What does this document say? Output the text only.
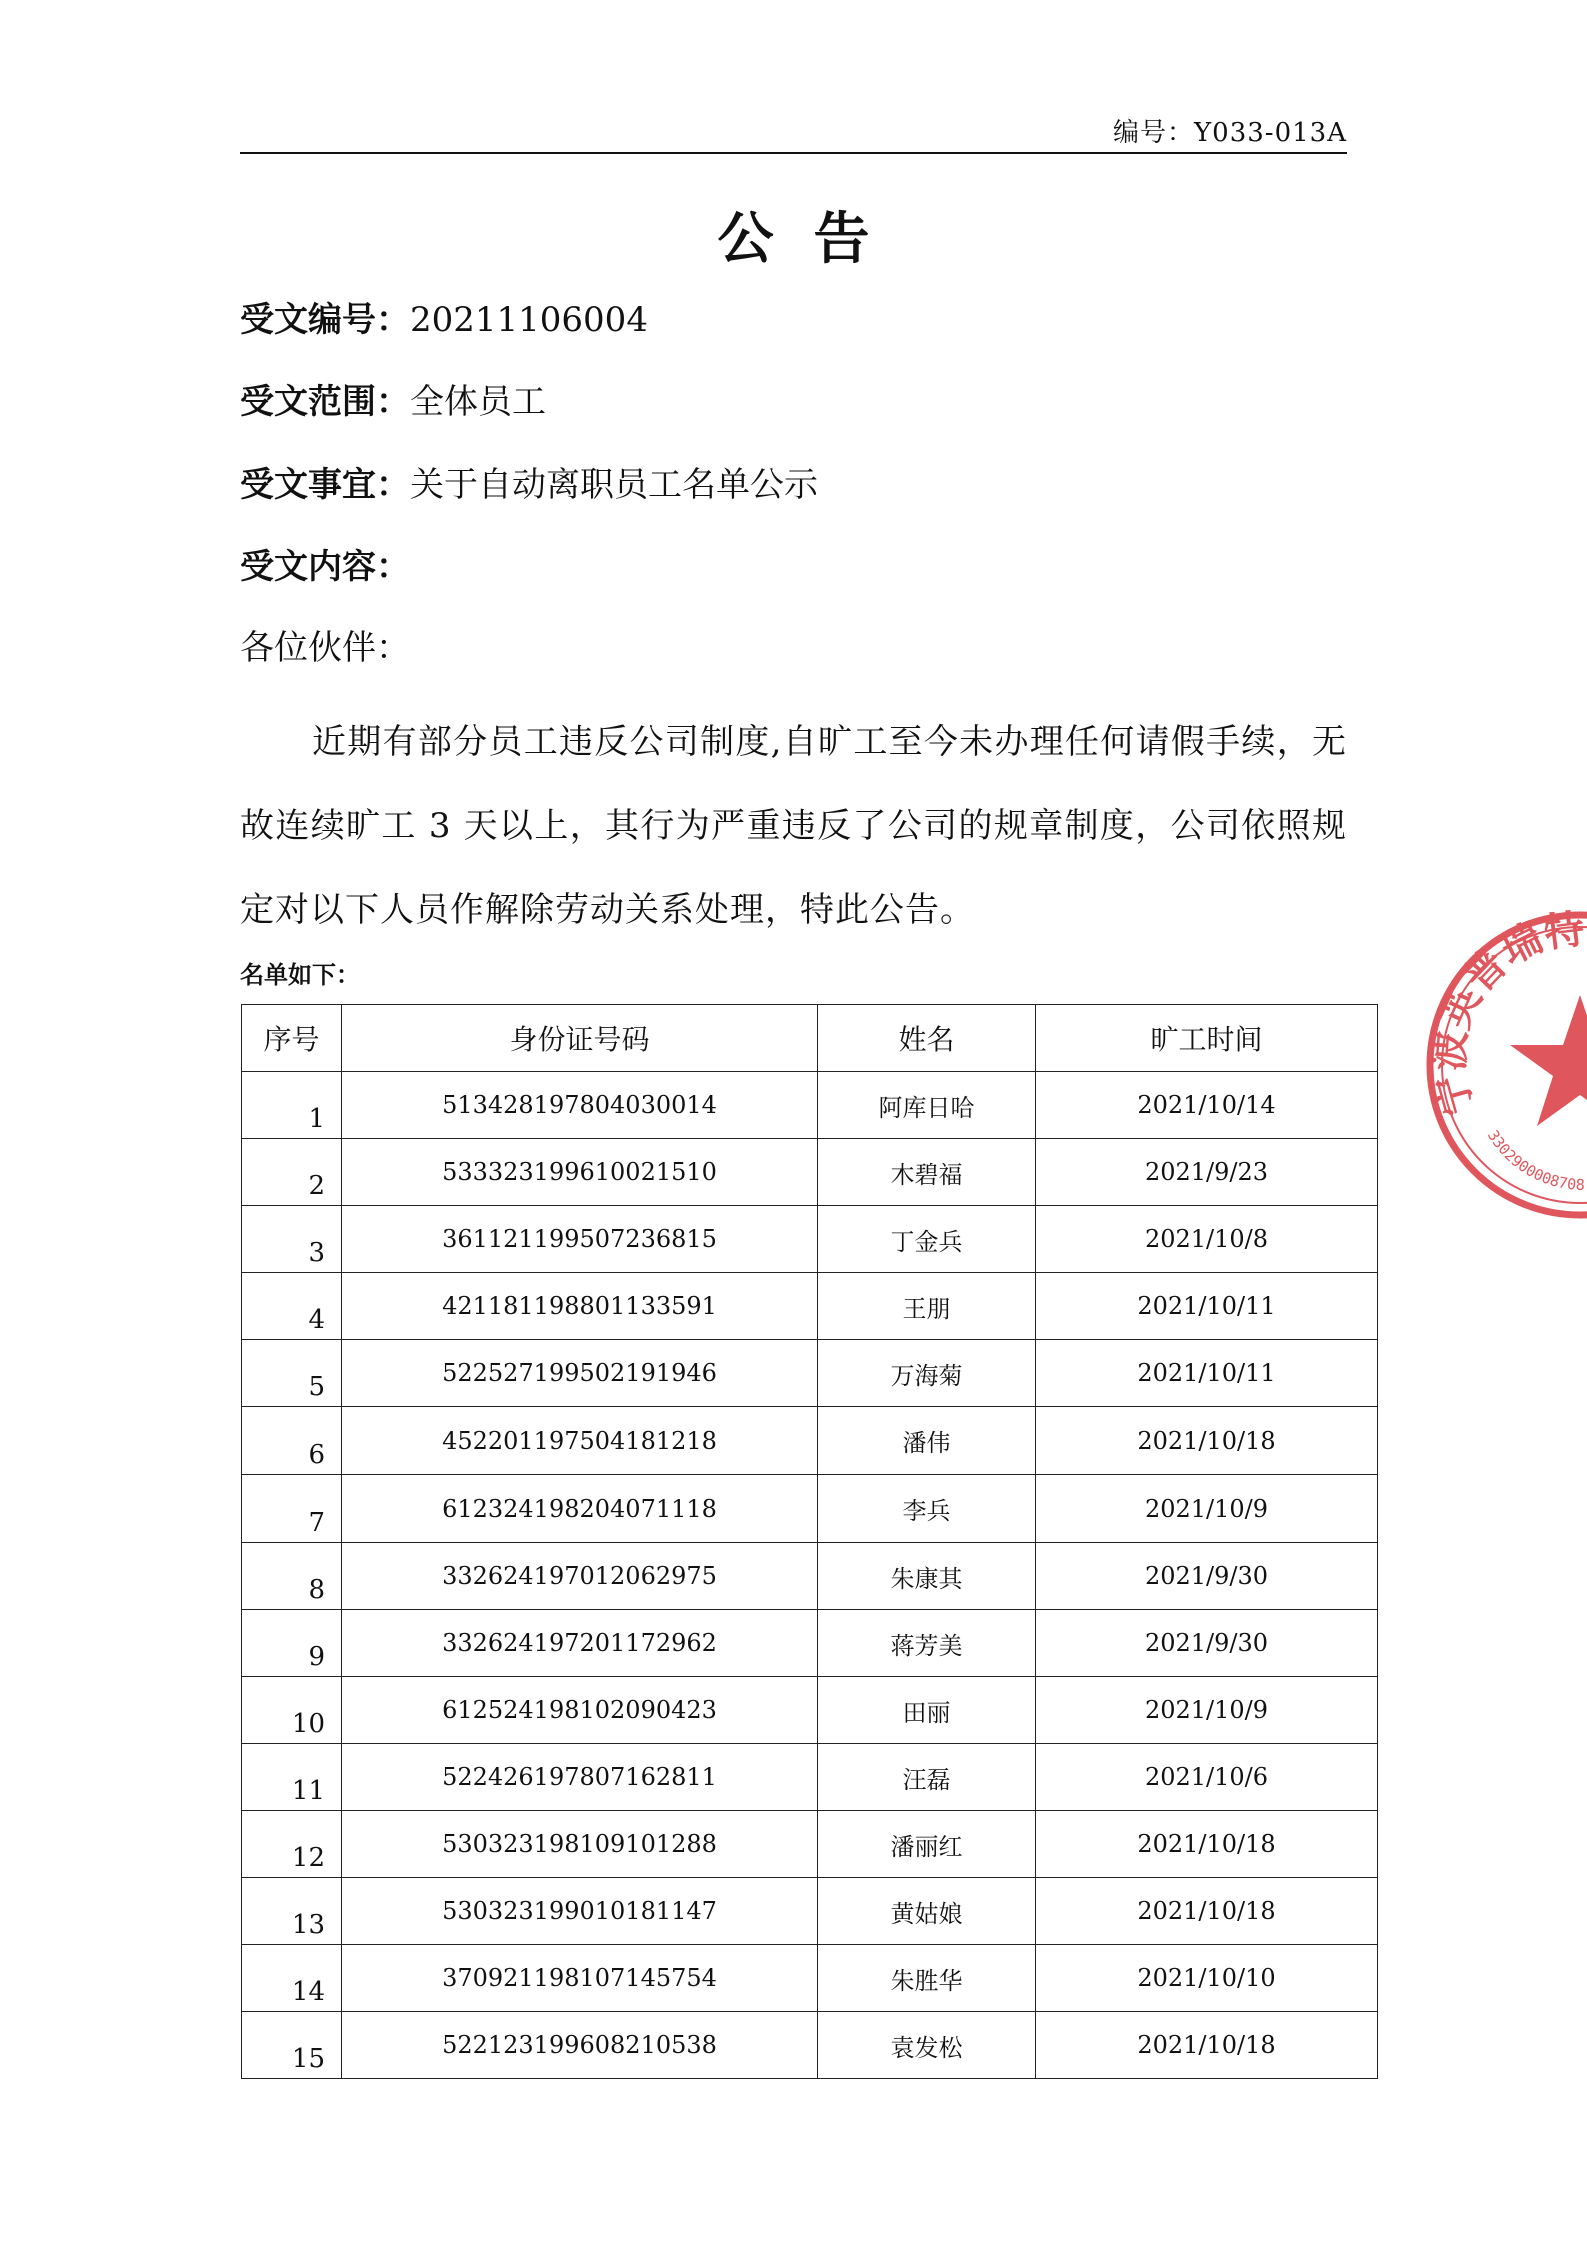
编号：Y033-013A
公告
受文编号：20211106004
受文范围：全体员工
受文事宜：关于自动离职员工名单公示
受文内容：
各位伙伴：
近期有部分员工违反公司制度,自旷工至今未办理任何请假手续，无故连续旷工 3 天以上，其行为严重违反了公司的规章制度，公司依照规定对以下人员作解除劳动关系处理，特此公告。
名单如下：
序号	身份证号码	姓名	旷工时间
1	513428197804030014	阿库日哈	2021/10/14
2	533323199610021510	木碧福	2021/9/23
3	361121199507236815	丁金兵	2021/10/8
4	421181198801133591	王朋	2021/10/11
5	522527199502191946	万海菊	2021/10/11
6	452201197504181218	潘伟	2021/10/18
7	612324198204071118	李兵	2021/10/9
8	332624197012062975	朱康其	2021/9/30
9	332624197201172962	蒋芳美	2021/9/30
10	612524198102090423	田丽	2021/10/9
11	522426197807162811	汪磊	2021/10/6
12	530323198109101288	潘丽红	2021/10/18
13	530323199010181147	黄姑娘	2021/10/18
14	370921198107145754	朱胜华	2021/10/10
15	522123199608210538	袁发松	2021/10/18
宁波英普瑞特
3302900008708
